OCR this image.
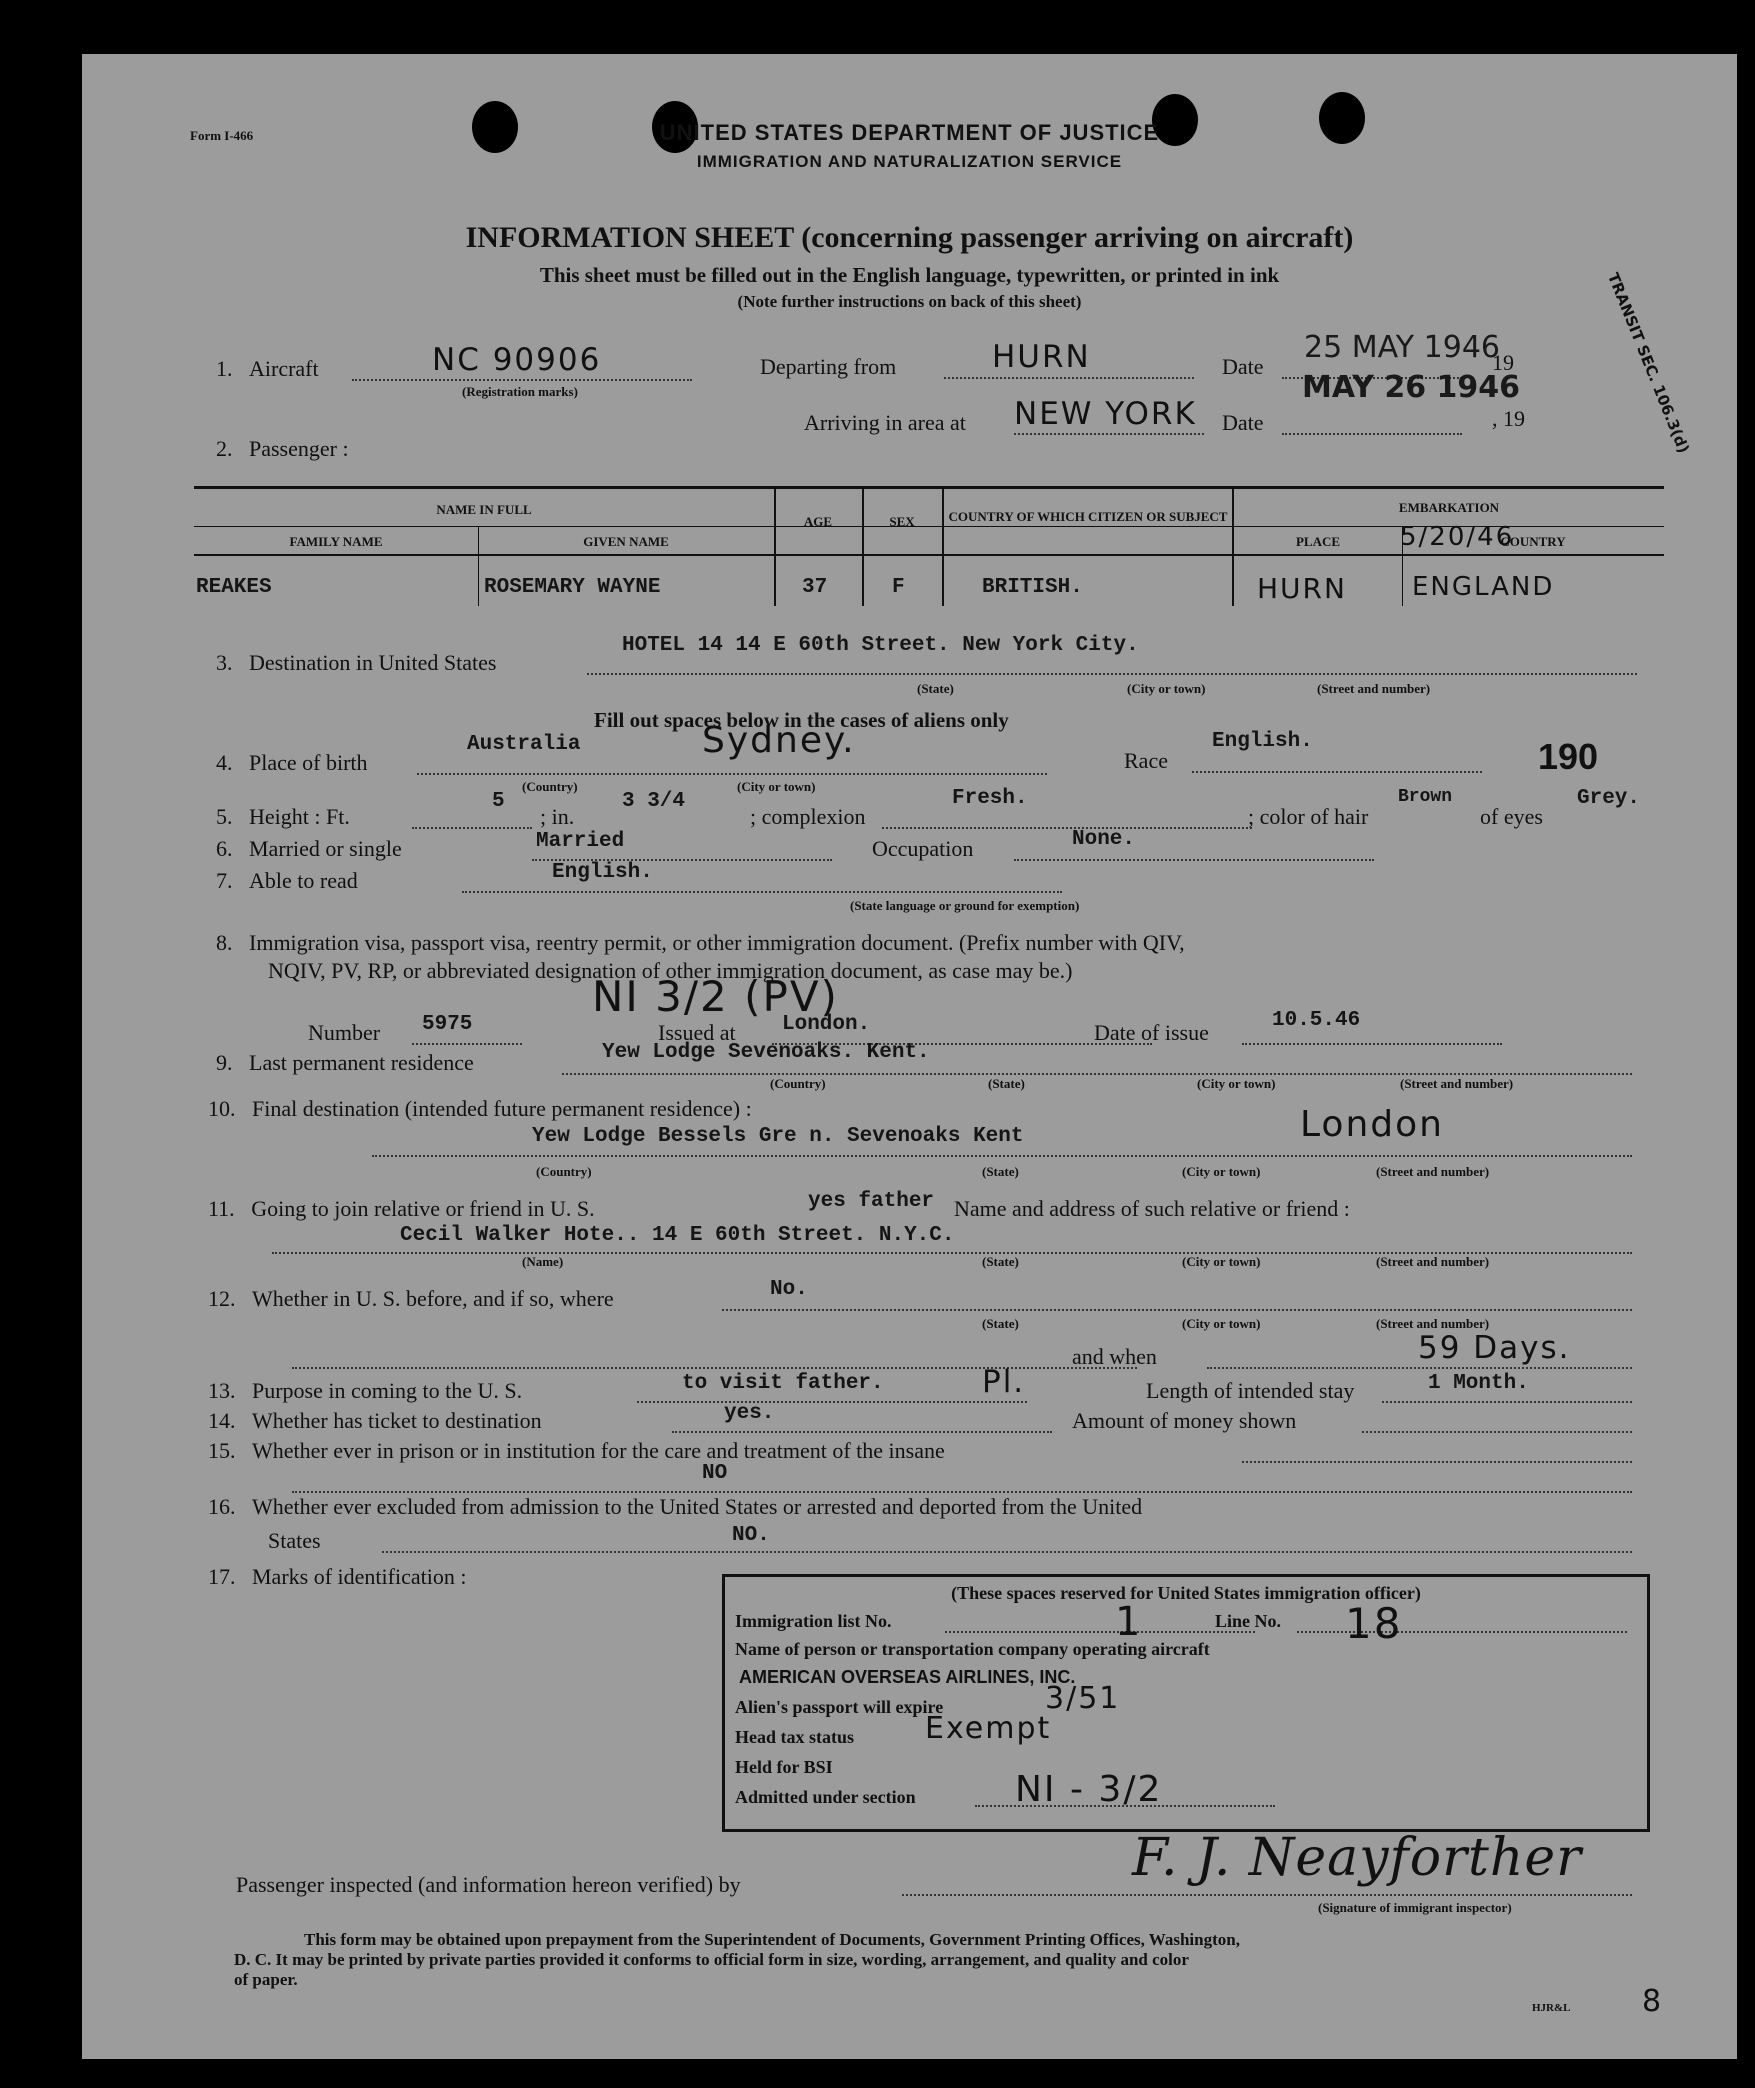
Form I-466	UNITED STATES DEPARTMENT OF JUSTICE
IMMIGRATION AND NATURALIZATION SERVICE
INFORMATION SHEET (concerning passenger arriving on aircraft)
This sheet must be filled out in the English language, typewritten, or printed in ink
(Note further instructions on back of this sheet)
1. Aircraft	NC 90906
(Registration marks)
Departing from	HURN	Date	19
25 MAY 1946
MAY 26 1946	TRANSIT SEC. 106.3(d)
Arriving in area at NEW YORK Date	, 19
2. Passenger :
NAME IN FULL
FAMILY NAME	GIVEN NAME
AGE	SEX	COUNTRY OF WHICH CITIZEN OR SUBJECT
EMBARKATION
PLACE	COUNTRY
REAKES	ROSEMARY WAYNE	37	F	BRITISH.	HURN	ENGLAND
5/20/46
3. Destination in United States
HOTEL 14 14 E 60th Street. New York City.
(State)	(City or town)	(Street and number)
Fill out spaces below in the cases of aliens only
4. Place of birth
Australia	Sydney.
(Country)	(City or town)
Race
English.	190
5. Height : Ft.
5
; in.
3 3/4
; complexion
Fresh.
; color of hair
Brown
of eyes
Grey.
6. Married or single	Married	Occupation	None.
7. Able to read	English.
(State language or ground for exemption)
8. Immigration visa, passport visa, reentry permit, or other immigration document. (Prefix number with QIV,
NQIV, PV, RP, or abbreviated designation of other immigration document, as case may be.)
NI 3/2 (PV)
Number 5975	Issued at London.	Date of issue	10.5.46
9. Last permanent residence	Yew Lodge Sevenoaks. Kent.
(Country)	(State)	(City or town)	(Street and number)
10. Final destination (intended future permanent residence) :
Yew Lodge Bessels Gre n. Sevenoaks Kent	London
(Country)	(State)	(City or town)	(Street and number)
11. Going to join relative or friend in U. S.	yes father Name and address of such relative or friend :
Cecil Walker Hote.. 14 E 60th Street. N.Y.C.
(Name)	(State)	(City or town)	(Street and number)
12. Whether in U. S. before, and if so, where	No.
(State)	(City or town)	(Street and number)
and when	59 Days.
13. Purpose in coming to the U. S.	to visit father.	Pl.	Length of intended stay	1 Month.
14. Whether has ticket to destination	yes.	Amount of money shown
15. Whether ever in prison or in institution for the care and treatment of the insane
NO
16. Whether ever excluded from admission to the United States or arrested and deported from the United
States	NO.
17. Marks of identification :
(These spaces reserved for United States immigration officer)
Immigration list No.	1	Line No. 18
Name of person or transportation company operating aircraft
AMERICAN OVERSEAS AIRLINES, INC.
Alien's passport will expire	3/51
Head tax status Exempt
Held for BSI
Admitted under section	NI - 3/2
Passenger inspected (and information hereon verified) by	F. J. Neayforther
(Signature of immigrant inspector)
This form may be obtained upon prepayment from the Superintendent of Documents, Government Printing Offices, Washington,
D. C. It may be printed by private parties provided it conforms to official form in size, wording, arrangement, and quality and color
of paper.
HJR&L 8
